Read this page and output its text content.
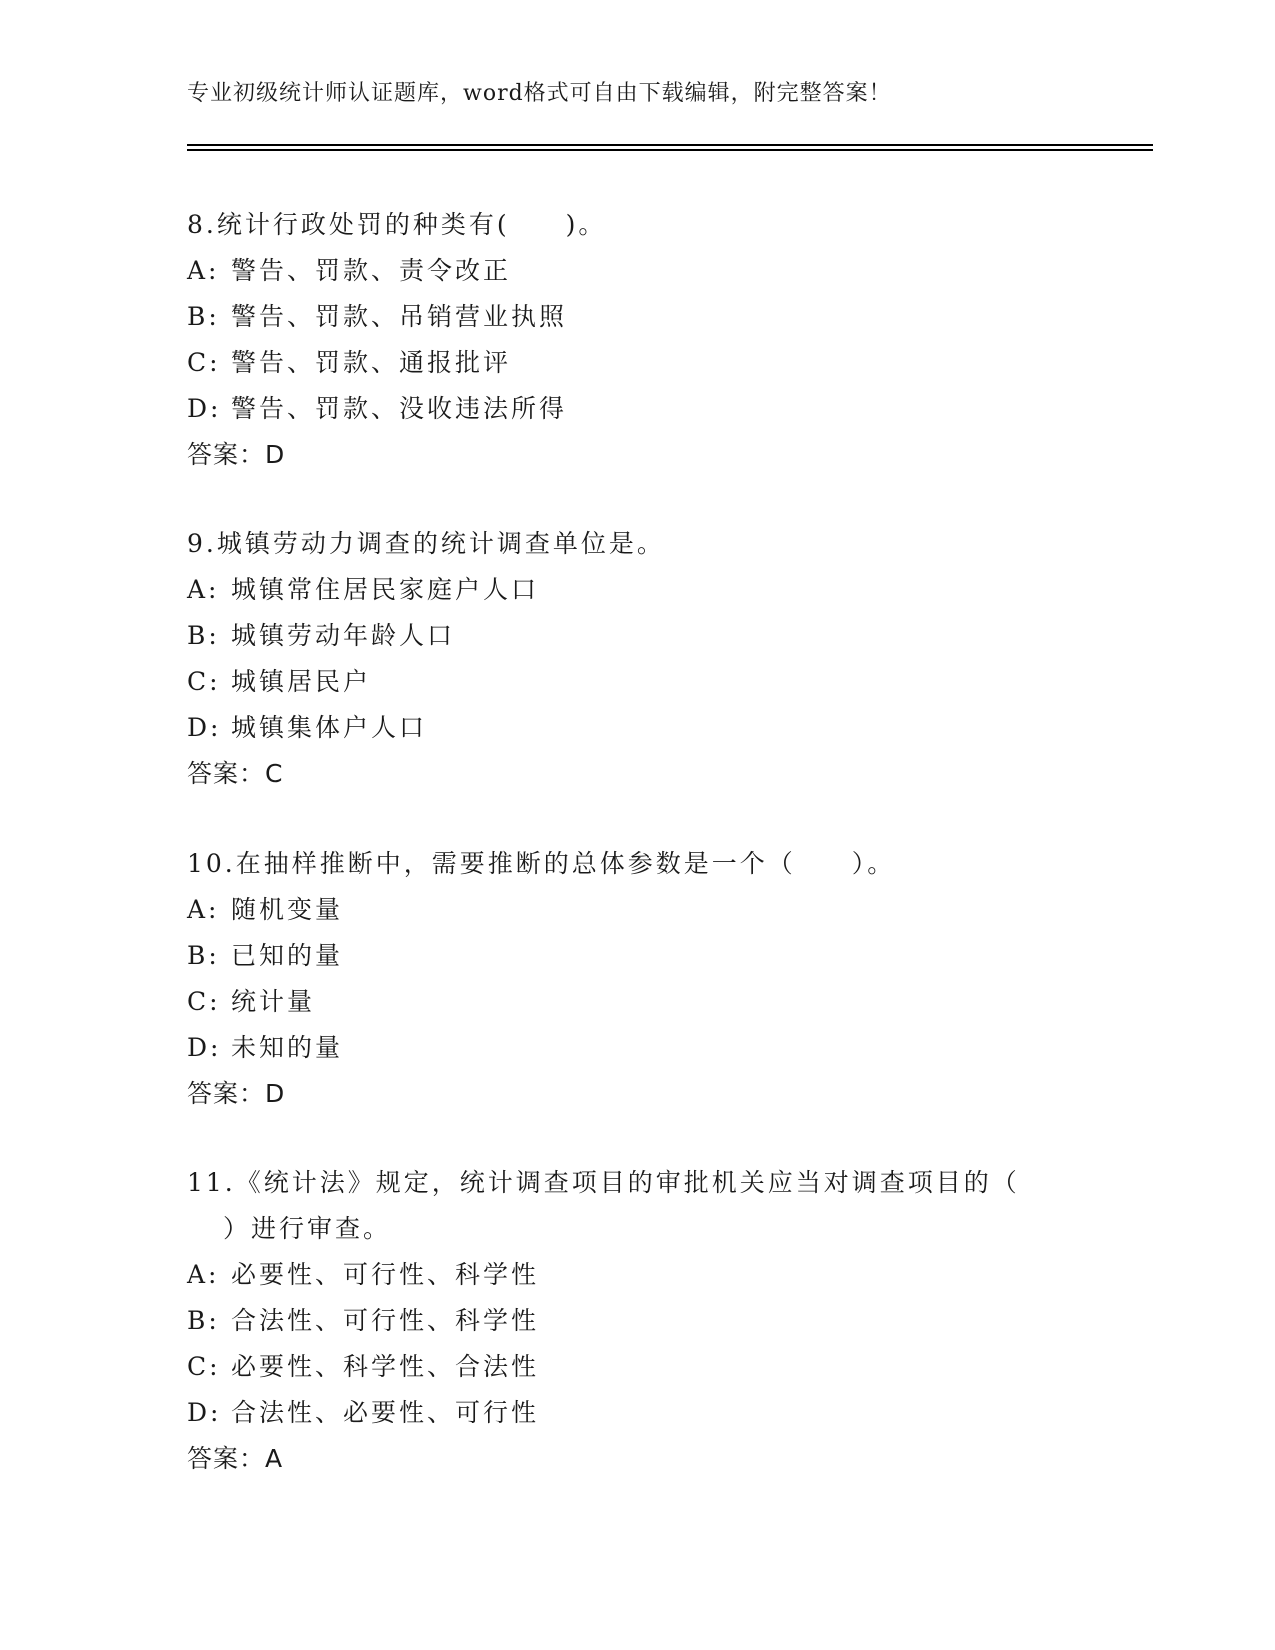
专业初级统计师认证题库，word格式可自由下载编辑，附完整答案！
8.统计行政处罚的种类有(　　)。
A: 警告、罚款、责令改正
B: 警告、罚款、吊销营业执照
C: 警告、罚款、通报批评
D: 警告、罚款、没收违法所得
答案：D
9.城镇劳动力调查的统计调查单位是。
A: 城镇常住居民家庭户人口
B: 城镇劳动年龄人口
C: 城镇居民户
D: 城镇集体户人口
答案：C
10.在抽样推断中，需要推断的总体参数是一个（　　）。
A: 随机变量
B: 已知的量
C: 统计量
D: 未知的量
答案：D
11.《统计法》规定，统计调查项目的审批机关应当对调查项目的（
）进行审查。
A: 必要性、可行性、科学性
B: 合法性、可行性、科学性
C: 必要性、科学性、合法性
D: 合法性、必要性、可行性
答案：A
